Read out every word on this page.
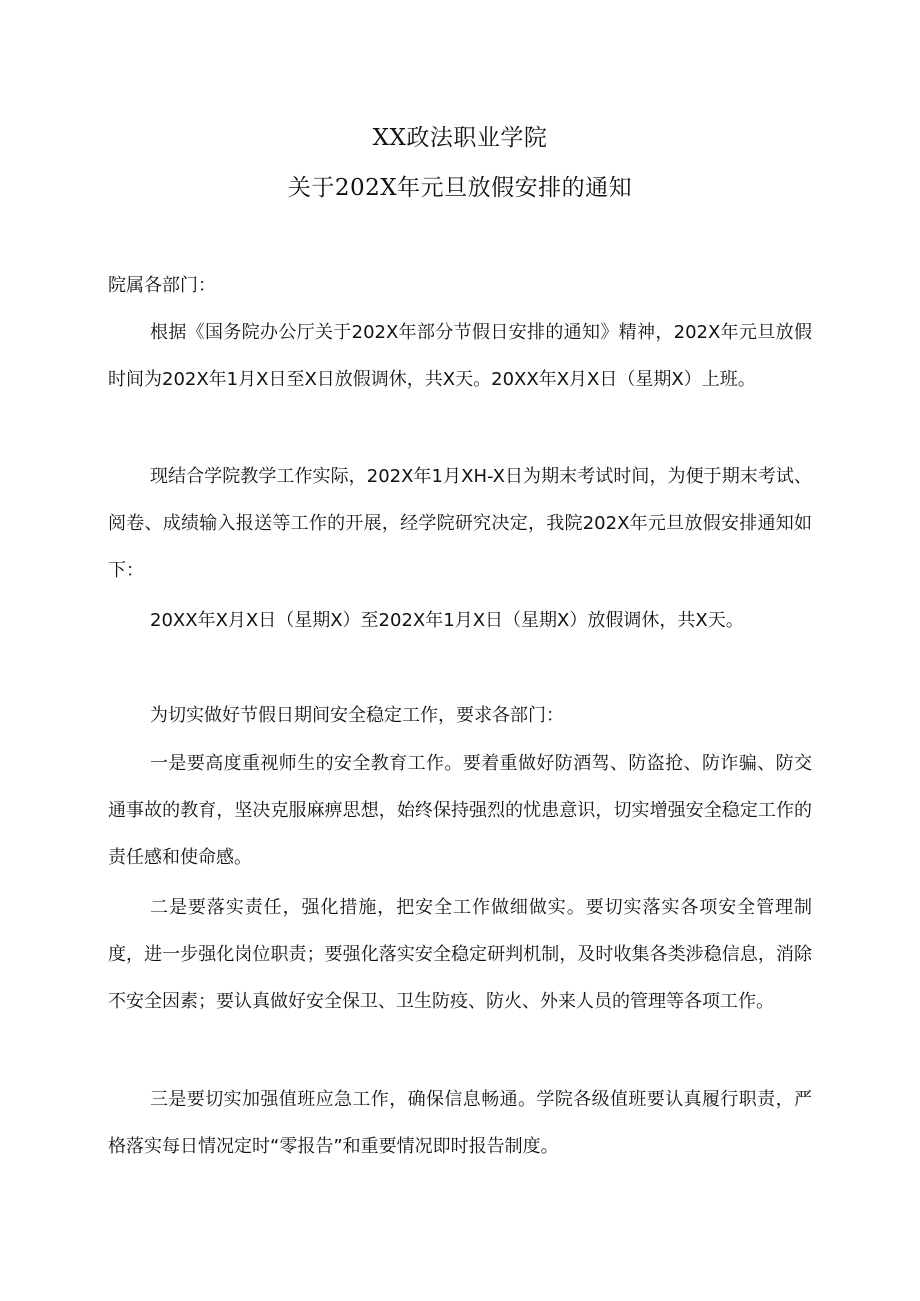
XX政法职业学院
关于202X年元旦放假安排的通知

院属各部门：

根据《国务院办公厅关于202X年部分节假日安排的通知》精神，202X年元旦放假时间为202X年1月X日至X日放假调休，共X天。20XX年X月X日（星期X）上班。

现结合学院教学工作实际，202X年1月XH-X日为期末考试时间，为便于期末考试、阅卷、成绩输入报送等工作的开展，经学院研究决定，我院202X年元旦放假安排通知如下：

20XX年X月X日（星期X）至202X年1月X日（星期X）放假调休，共X天。

为切实做好节假日期间安全稳定工作，要求各部门：

一是要高度重视师生的安全教育工作。要着重做好防酒驾、防盗抢、防诈骗、防交通事故的教育，坚决克服麻痹思想，始终保持强烈的忧患意识，切实增强安全稳定工作的责任感和使命感。

二是要落实责任，强化措施，把安全工作做细做实。要切实落实各项安全管理制度，进一步强化岗位职责；要强化落实安全稳定研判机制，及时收集各类涉稳信息，消除不安全因素；要认真做好安全保卫、卫生防疫、防火、外来人员的管理等各项工作。

三是要切实加强值班应急工作，确保信息畅通。学院各级值班要认真履行职责，严格落实每日情况定时“零报告”和重要情况即时报告制度。
